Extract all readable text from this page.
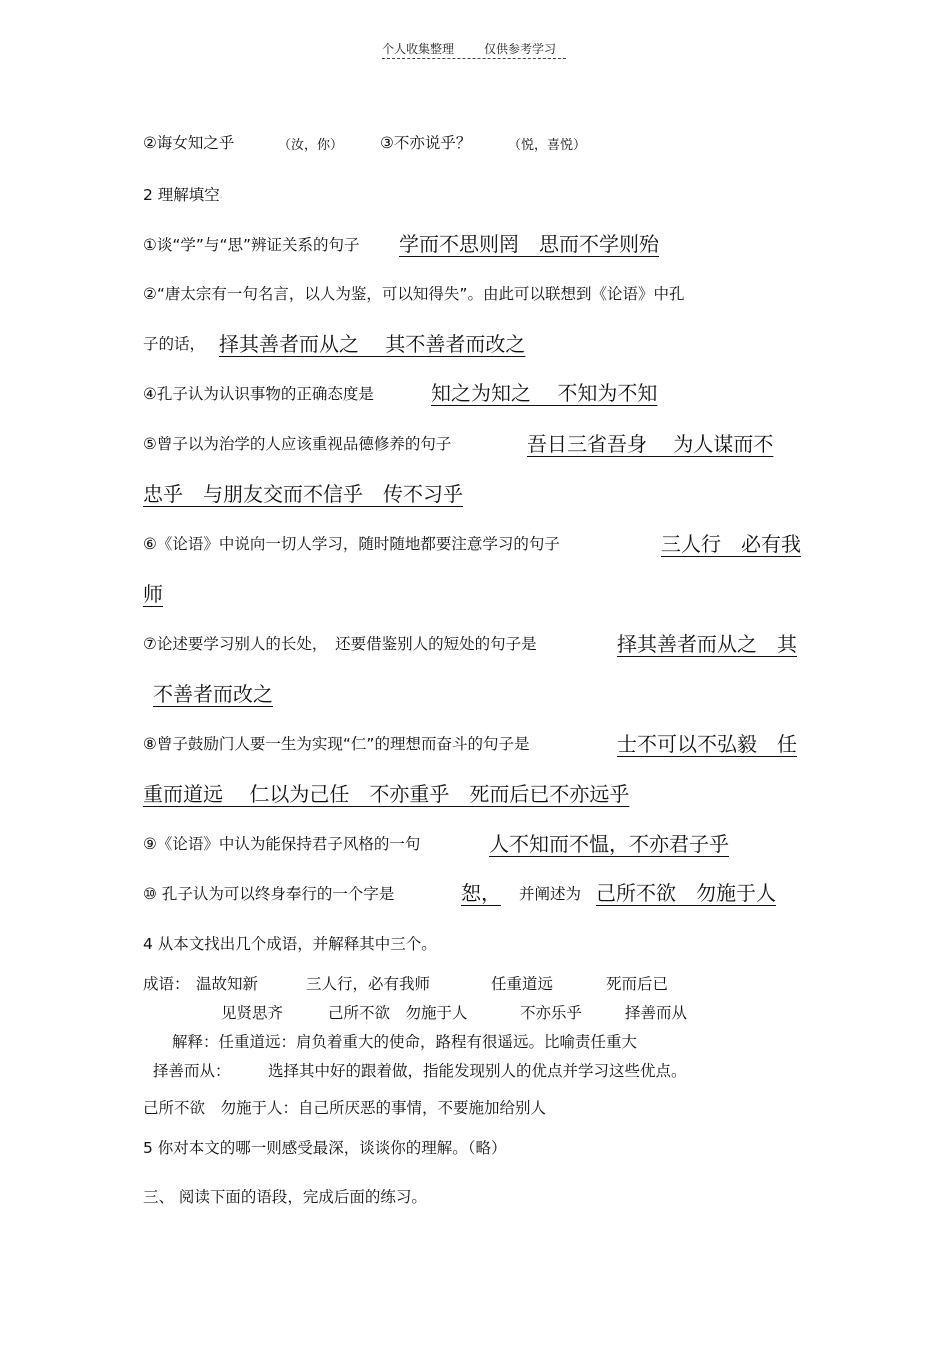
个人收集整理 仅供参考学习
②诲女知之乎	（汝，你） ③不亦说乎？	（悦，喜悦）
2 理解填空
①谈“学”与“思”辨证关系的句子 学而不思则罔　思而不学则殆
②“唐太宗有一句名言，以人为鉴，可以知得失”。由此可以联想到《论语》中孔
子的话， 择其善者而从之　 其不善者而改之
④孔子认为认识事物的正确态度是	知之为知之　 不知为不知
⑤曾子以为治学的人应该重视品德修养的句子	吾日三省吾身　 为人谋而不
忠乎　与朋友交而不信乎　传不习乎
⑥《论语》中说向一切人学习，随时随地都要注意学习的句子	三人行　必有我
师
⑦论述要学习别人的长处，　还要借鉴别人的短处的句子是	择其善者而从之　其
不善者而改之
⑧曾子鼓励门人要一生为实现“仁”的理想而奋斗的句子是	士不可以不弘毅　任
重而道远　 仁以为己任　不亦重乎　死而后已不亦远乎
⑨《论语》中认为能保持君子风格的一句	人不知而不愠，不亦君子乎
⑩ 孔子认为可以终身奉行的一个字是	恕， 并阐述为 己所不欲　勿施于人
4 从本文找出几个成语，并解释其中三个。
成语： 温故知新	三人行，必有我师	任重道远	死而后已
见贤思齐	己所不欲　勿施于人	不亦乐乎	择善而从
解释：任重道远：肩负着重大的使命，路程有很遥远。比喻责任重大
择善而从： 选择其中好的跟着做，指能发现别人的优点并学习这些优点。
己所不欲　勿施于人：自己所厌恶的事情，不要施加给别人
5 你对本文的哪一则感受最深，谈谈你的理解。（略）
三、 阅读下面的语段，完成后面的练习。
